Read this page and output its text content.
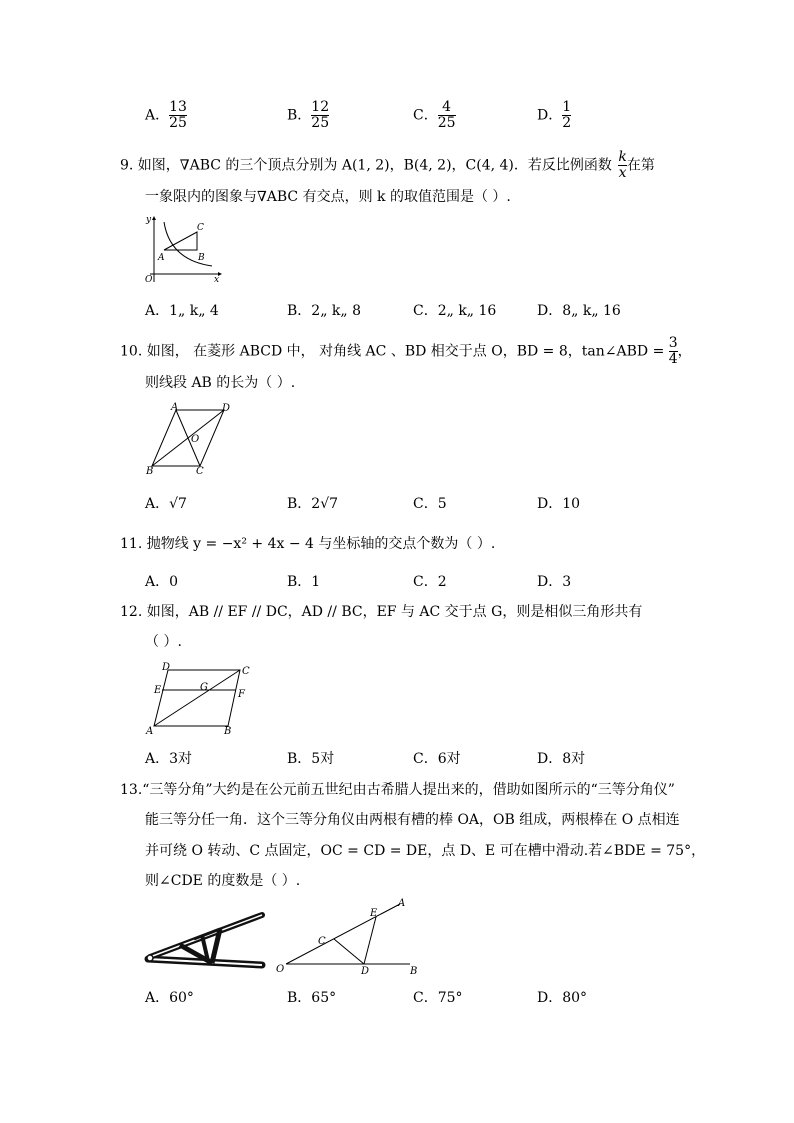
A． $\frac{13}{25}$	B． $\frac{12}{25}$	C． $\frac{4}{25}$	D． $\frac{1}{2}$
9. 如图，∇ABC 的三个顶点分别为 A(1, 2)，B(4, 2)，C(4, 4)．若反比例函数 $\frac{k}{x}$ 在第
一象限内的图象与∇ABC 有交点，则 k 的取值范围是（ ）.
y
x
O
A	B
C
A．1„ k„ 4	B．2„ k„ 8	C．2„ k„ 16	D．8„ k„ 16
10. 如图， 在菱形 ABCD 中， 对角线 AC 、BD 相交于点 O，BD = 8，tan∠ABD = $\frac{3}{4}$ ，
则线段 AB 的长为（ ）.
A	D
B	C
O
A．√7	B．2√7	C．5	D．10
11. 抛物线 y = −x² + 4x − 4 与坐标轴的交点个数为（ ）.
A．0	B．1	C．2	D．3
12. 如图，AB // EF // DC，AD // BC，EF 与 AC 交于点 G，则是相似三角形共有
（ ）.
D	C
E	G
F
A	B
A．3对	B．5对	C．6对	D．8对
13.“三等分角”大约是在公元前五世纪由古希腊人提出来的，借助如图所示的“三等分角仪”
能三等分任一角．这个三等分角仪由两根有槽的棒 OA，OB 组成，两根棒在 O 点相连
并可绕 O 转动、C 点固定，OC = CD = DE，点 D、E 可在槽中滑动.若∠BDE = 75°，
则∠CDE 的度数是（ ）.
O
A
B
C
D
E
A．60°	B．65°	C．75°	D．80°
